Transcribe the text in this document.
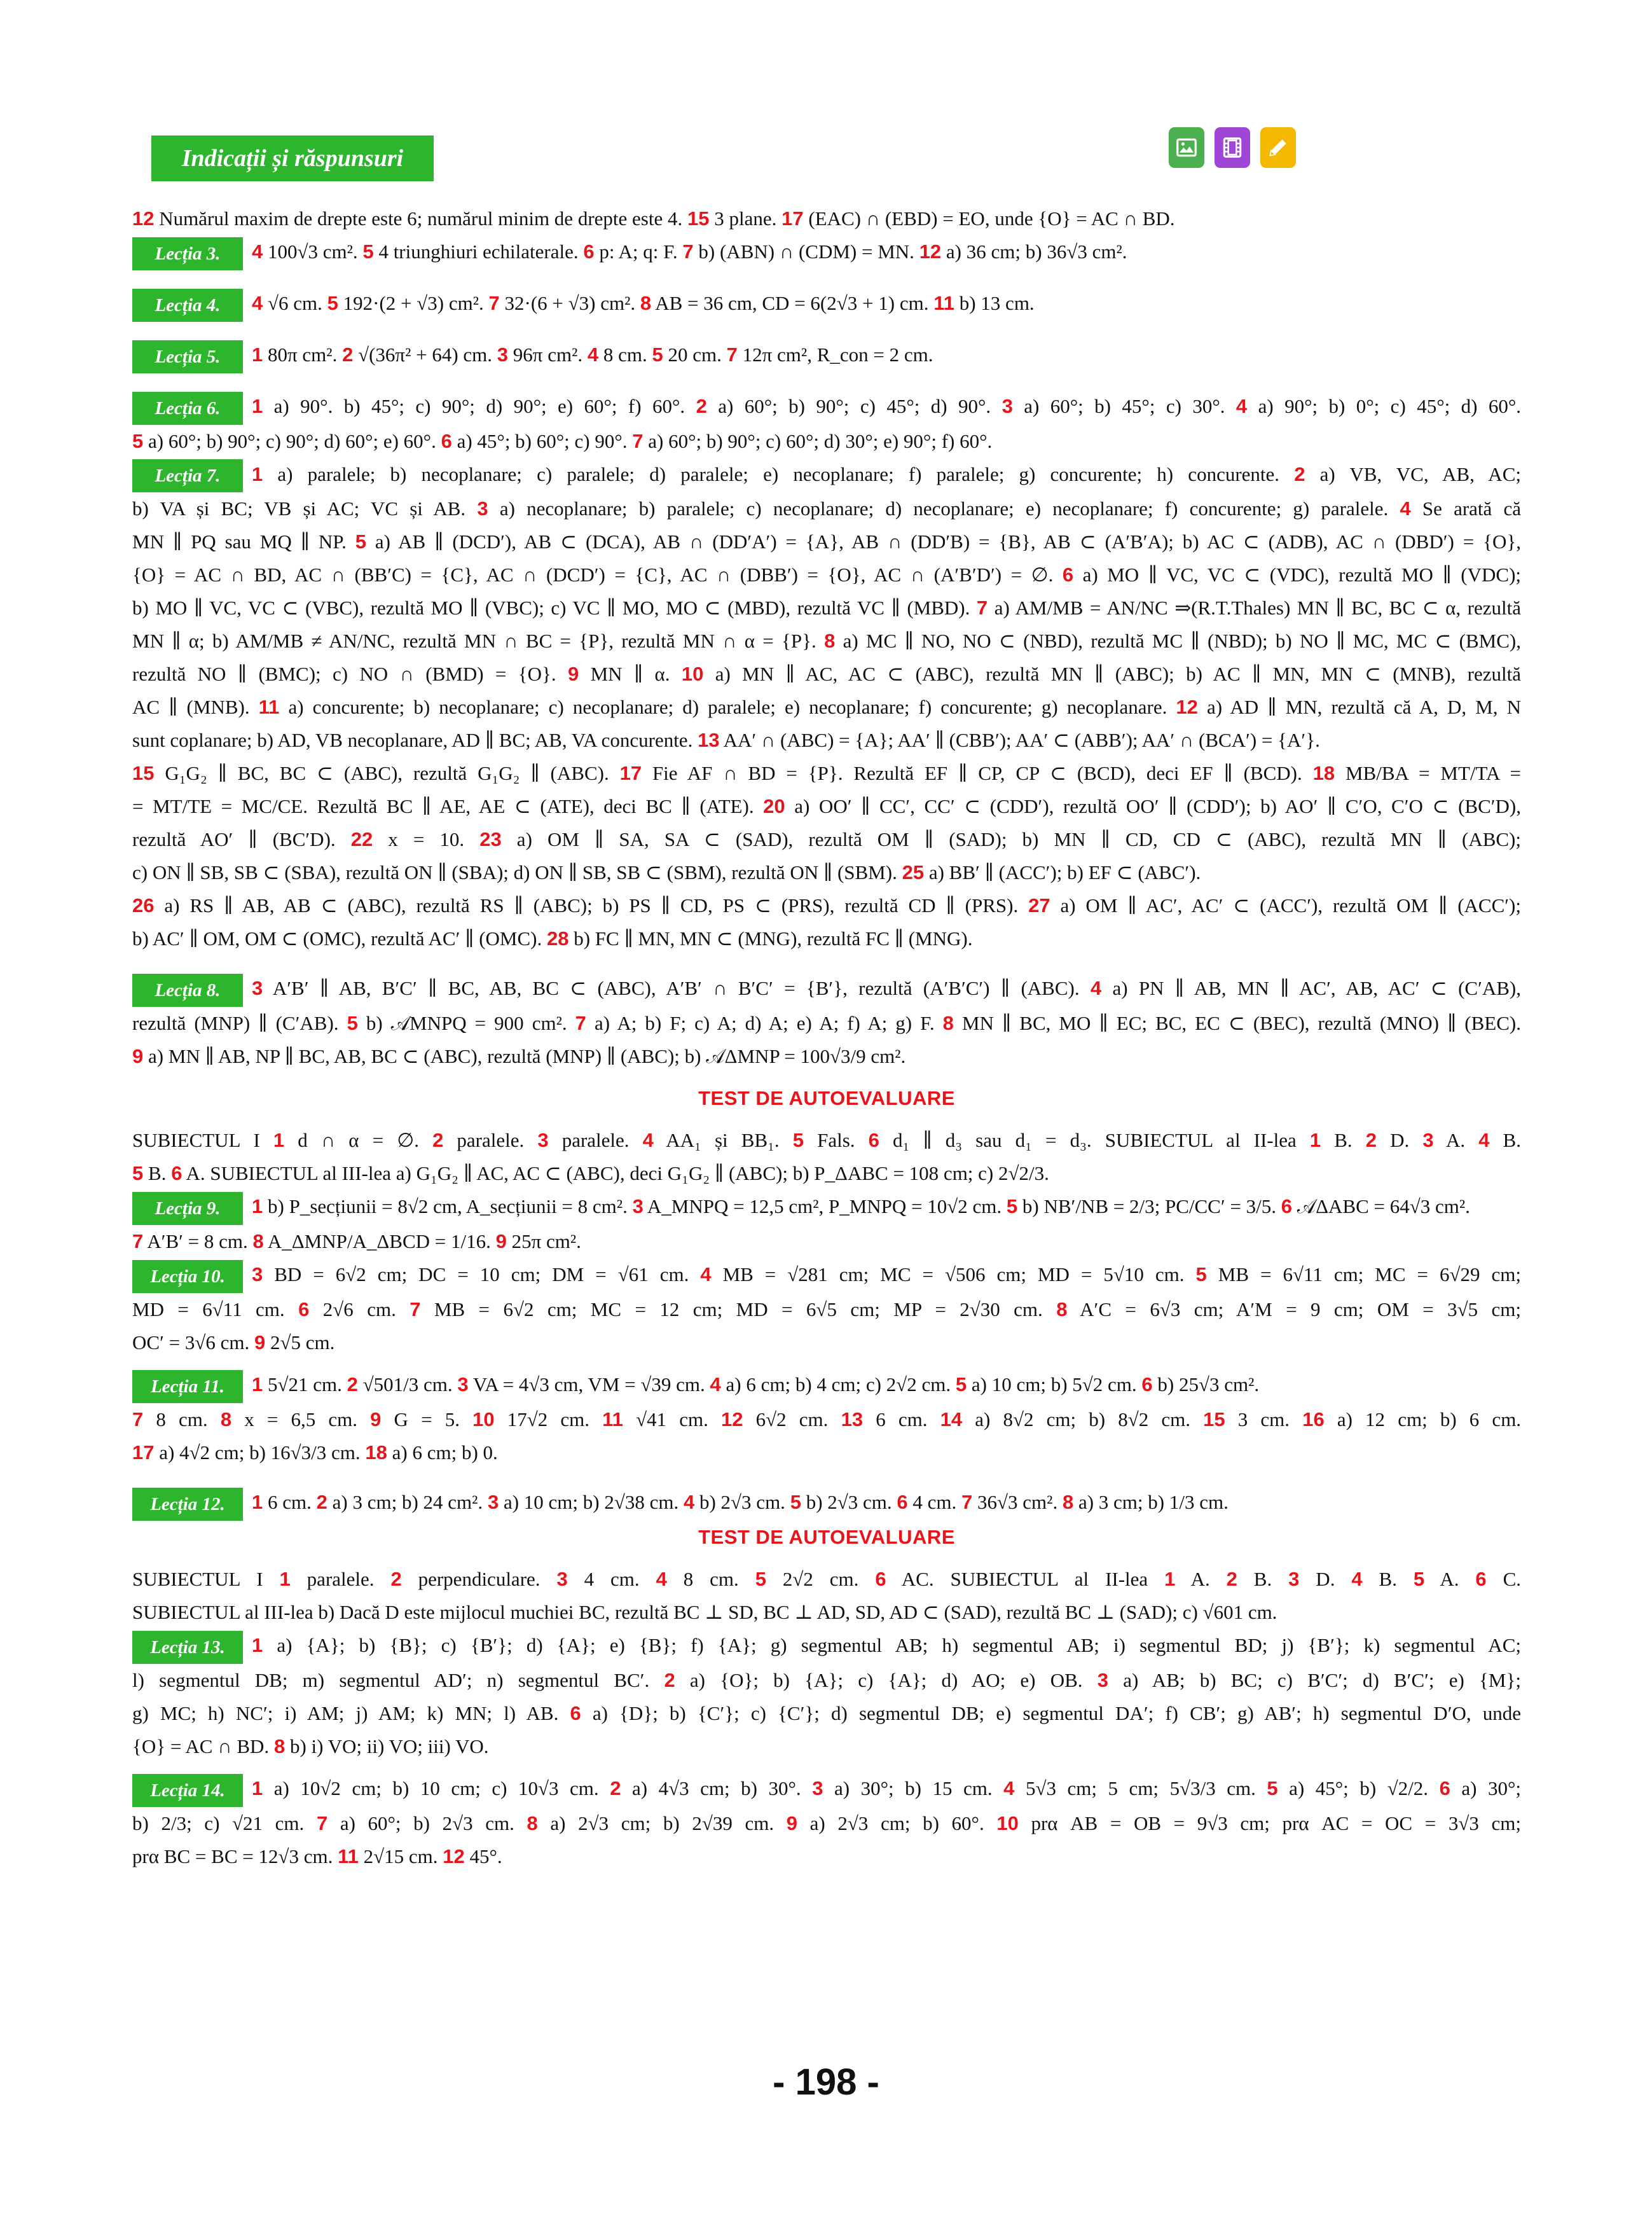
Indicații și răspunsuri
12 Numărul maxim de drepte este 6; numărul minim de drepte este 4. 15 3 plane. 17 (EAC) ∩ (EBD) = EO, unde {O} = AC ∩ BD.
Lecția 3. 4 100√3 cm². 5 4 triunghiuri echilaterale. 6 p: A; q: F. 7 b) (ABN) ∩ (CDM) = MN. 12 a) 36 cm; b) 36√3 cm².
Lecția 4. 4 √6 cm. 5 192·(2 + √3) cm². 7 32·(6 + √3) cm². 8 AB = 36 cm, CD = 6(2√3 + 1) cm. 11 b) 13 cm.
Lecția 5. 1 80π cm². 2 √(36π² + 64) cm. 3 96π cm². 4 8 cm. 5 20 cm. 7 12π cm², R_con = 2 cm.
Lecția 6. 1 a) 90°. b) 45°; c) 90°; d) 90°; e) 60°; f) 60°. 2 a) 60°; b) 90°; c) 45°; d) 90°. 3 a) 60°; b) 45°; c) 30°. 4 a) 90°; b) 0°; c) 45°; d) 60°.
5 a) 60°; b) 90°; c) 90°; d) 60°; e) 60°. 6 a) 45°; b) 60°; c) 90°. 7 a) 60°; b) 90°; c) 60°; d) 30°; e) 90°; f) 60°.
Lecția 7. 1 a) paralele; b) necoplanare; c) paralele; d) paralele; e) necoplanare; f) paralele; g) concurente; h) concurente. 2 a) VB, VC, AB, AC;
b) VA și BC; VB și AC; VC și AB. 3 a) necoplanare; b) paralele; c) necoplanare; d) necoplanare; e) necoplanare; f) concurente; g) paralele. 4 Se arată că
MN ∥ PQ sau MQ ∥ NP. 5 a) AB ∥ (DCD′), AB ⊂ (DCA), AB ∩ (DD′A′) = {A}, AB ∩ (DD′B) = {B}, AB ⊂ (A′B′A); b) AC ⊂ (ADB), AC ∩ (DBD′) = {O},
{O} = AC ∩ BD, AC ∩ (BB′C) = {C}, AC ∩ (DCD′) = {C}, AC ∩ (DBB′) = {O}, AC ∩ (A′B′D′) = ∅. 6 a) MO ∥ VC, VC ⊂ (VDC), rezultă MO ∥ (VDC);
b) MO ∥ VC, VC ⊂ (VBC), rezultă MO ∥ (VBC); c) VC ∥ MO, MO ⊂ (MBD), rezultă VC ∥ (MBD). 7 a) AM/MB = AN/NC ⇒(R.T.Thales) MN ∥ BC, BC ⊂ α, rezultă
MN ∥ α; b) AM/MB ≠ AN/NC, rezultă MN ∩ BC = {P}, rezultă MN ∩ α = {P}. 8 a) MC ∥ NO, NO ⊂ (NBD), rezultă MC ∥ (NBD); b) NO ∥ MC, MC ⊂ (BMC),
rezultă NO ∥ (BMC); c) NO ∩ (BMD) = {O}. 9 MN ∥ α. 10 a) MN ∥ AC, AC ⊂ (ABC), rezultă MN ∥ (ABC); b) AC ∥ MN, MN ⊂ (MNB), rezultă
AC ∥ (MNB). 11 a) concurente; b) necoplanare; c) necoplanare; d) paralele; e) necoplanare; f) concurente; g) necoplanare. 12 a) AD ∥ MN, rezultă că A, D, M, N
sunt coplanare; b) AD, VB necoplanare, AD ∥ BC; AB, VA concurente. 13 AA′ ∩ (ABC) = {A}; AA′ ∥ (CBB′); AA′ ⊂ (ABB′); AA′ ∩ (BCA′) = {A′}.
15 G₁G₂ ∥ BC, BC ⊂ (ABC), rezultă G₁G₂ ∥ (ABC). 17 Fie AF ∩ BD = {P}. Rezultă EF ∥ CP, CP ⊂ (BCD), deci EF ∥ (BCD). 18 MB/BA = MT/TA =
= MT/TE = MC/CE. Rezultă BC ∥ AE, AE ⊂ (ATE), deci BC ∥ (ATE). 20 a) OO′ ∥ CC′, CC′ ⊂ (CDD′), rezultă OO′ ∥ (CDD′); b) AO′ ∥ C′O, C′O ⊂ (BC′D),
rezultă AO′ ∥ (BC′D). 22 x = 10. 23 a) OM ∥ SA, SA ⊂ (SAD), rezultă OM ∥ (SAD); b) MN ∥ CD, CD ⊂ (ABC), rezultă MN ∥ (ABC);
c) ON ∥ SB, SB ⊂ (SBA), rezultă ON ∥ (SBA); d) ON ∥ SB, SB ⊂ (SBM), rezultă ON ∥ (SBM). 25 a) BB′ ∥ (ACC′); b) EF ⊂ (ABC′).
26 a) RS ∥ AB, AB ⊂ (ABC), rezultă RS ∥ (ABC); b) PS ∥ CD, PS ⊂ (PRS), rezultă CD ∥ (PRS). 27 a) OM ∥ AC′, AC′ ⊂ (ACC′), rezultă OM ∥ (ACC′);
b) AC′ ∥ OM, OM ⊂ (OMC), rezultă AC′ ∥ (OMC). 28 b) FC ∥ MN, MN ⊂ (MNG), rezultă FC ∥ (MNG).
Lecția 8. 3 A′B′ ∥ AB, B′C′ ∥ BC, AB, BC ⊂ (ABC), A′B′ ∩ B′C′ = {B′}, rezultă (A′B′C′) ∥ (ABC). 4 a) PN ∥ AB, MN ∥ AC′, AB, AC′ ⊂ (C′AB),
rezultă (MNP) ∥ (C′AB). 5 b) 𝒜MNPQ = 900 cm². 7 a) A; b) F; c) A; d) A; e) A; f) A; g) F. 8 MN ∥ BC, MO ∥ EC; BC, EC ⊂ (BEC), rezultă (MNO) ∥ (BEC).
9 a) MN ∥ AB, NP ∥ BC, AB, BC ⊂ (ABC), rezultă (MNP) ∥ (ABC); b) 𝒜ΔMNP = 100√3/9 cm².
TEST DE AUTOEVALUARE
SUBIECTUL I 1 d ∩ α = ∅. 2 paralele. 3 paralele. 4 AA₁ și BB₁. 5 Fals. 6 d₁ ∥ d₃ sau d₁ = d₃. SUBIECTUL al II-lea 1 B. 2 D. 3 A. 4 B.
5 B. 6 A. SUBIECTUL al III-lea a) G₁G₂ ∥ AC, AC ⊂ (ABC), deci G₁G₂ ∥ (ABC); b) P_ΔABC = 108 cm; c) 2√2/3.
Lecția 9. 1 b) P_secțiunii = 8√2 cm, A_secțiunii = 8 cm². 3 A_MNPQ = 12,5 cm², P_MNPQ = 10√2 cm. 5 b) NB′/NB = 2/3; PC/CC′ = 3/5. 6 𝒜ΔABC = 64√3 cm².
7 A′B′ = 8 cm. 8 A_ΔMNP/A_ΔBCD = 1/16. 9 25π cm².
Lecția 10. 3 BD = 6√2 cm; DC = 10 cm; DM = √61 cm. 4 MB = √281 cm; MC = √506 cm; MD = 5√10 cm. 5 MB = 6√11 cm; MC = 6√29 cm;
MD = 6√11 cm. 6 2√6 cm. 7 MB = 6√2 cm; MC = 12 cm; MD = 6√5 cm; MP = 2√30 cm. 8 A′C = 6√3 cm; A′M = 9 cm; OM = 3√5 cm;
OC′ = 3√6 cm. 9 2√5 cm.
Lecția 11. 1 5√21 cm. 2 √501/3 cm. 3 VA = 4√3 cm, VM = √39 cm. 4 a) 6 cm; b) 4 cm; c) 2√2 cm. 5 a) 10 cm; b) 5√2 cm. 6 b) 25√3 cm².
7 8 cm. 8 x = 6,5 cm. 9 G = 5. 10 17√2 cm. 11 √41 cm. 12 6√2 cm. 13 6 cm. 14 a) 8√2 cm; b) 8√2 cm. 15 3 cm. 16 a) 12 cm; b) 6 cm.
17 a) 4√2 cm; b) 16√3/3 cm. 18 a) 6 cm; b) 0.
Lecția 12. 1 6 cm. 2 a) 3 cm; b) 24 cm². 3 a) 10 cm; b) 2√38 cm. 4 b) 2√3 cm. 5 b) 2√3 cm. 6 4 cm. 7 36√3 cm². 8 a) 3 cm; b) 1/3 cm.
TEST DE AUTOEVALUARE
SUBIECTUL I 1 paralele. 2 perpendiculare. 3 4 cm. 4 8 cm. 5 2√2 cm. 6 AC. SUBIECTUL al II-lea 1 A. 2 B. 3 D. 4 B. 5 A. 6 C.
SUBIECTUL al III-lea b) Dacă D este mijlocul muchiei BC, rezultă BC ⊥ SD, BC ⊥ AD, SD, AD ⊂ (SAD), rezultă BC ⊥ (SAD); c) √601 cm.
Lecția 13. 1 a) {A}; b) {B}; c) {B′}; d) {A}; e) {B}; f) {A}; g) segmentul AB; h) segmentul AB; i) segmentul BD; j) {B′}; k) segmentul AC;
l) segmentul DB; m) segmentul AD′; n) segmentul BC′. 2 a) {O}; b) {A}; c) {A}; d) AO; e) OB. 3 a) AB; b) BC; c) B′C′; d) B′C′; e) {M};
g) MC; h) NC′; i) AM; j) AM; k) MN; l) AB. 6 a) {D}; b) {C′}; c) {C′}; d) segmentul DB; e) segmentul DA′; f) CB′; g) AB′; h) segmentul D′O, unde
{O} = AC ∩ BD. 8 b) i) VO; ii) VO; iii) VO.
Lecția 14. 1 a) 10√2 cm; b) 10 cm; c) 10√3 cm. 2 a) 4√3 cm; b) 30°. 3 a) 30°; b) 15 cm. 4 5√3 cm; 5 cm; 5√3/3 cm. 5 a) 45°; b) √2/2. 6 a) 30°;
b) 2/3; c) √21 cm. 7 a) 60°; b) 2√3 cm. 8 a) 2√3 cm; b) 2√39 cm. 9 a) 2√3 cm; b) 60°. 10 prα AB = OB = 9√3 cm; prα AC = OC = 3√3 cm;
prα BC = BC = 12√3 cm. 11 2√15 cm. 12 45°.
- 198 -
